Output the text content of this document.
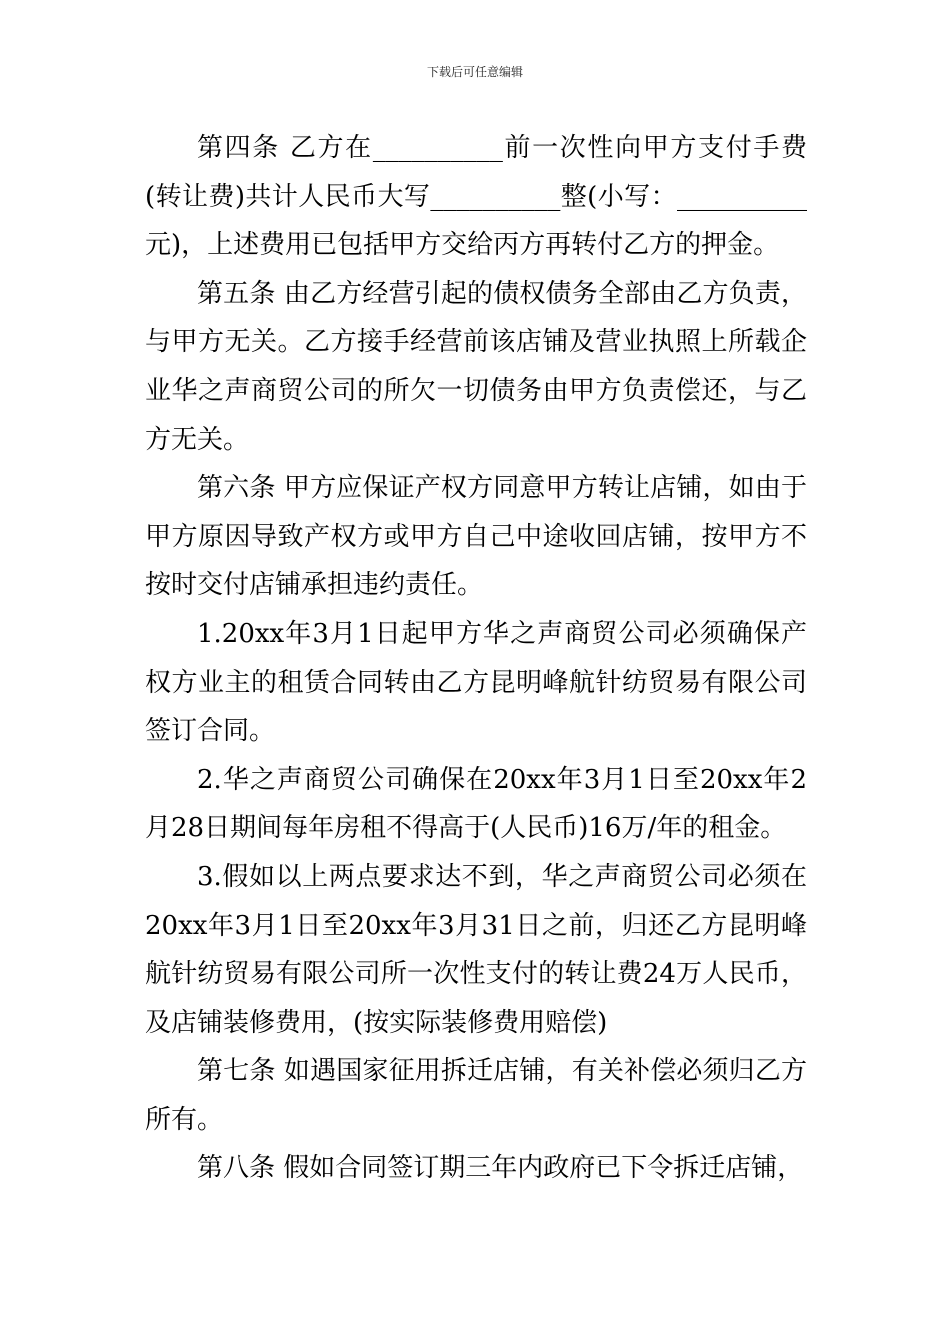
下载后可任意编辑

第四条 乙方在__________前一次性向甲方支付手费(转让费)共计人民币大写__________整(小写：__________元)，上述费用已包括甲方交给丙方再转付乙方的押金。

第五条 由乙方经营引起的债权债务全部由乙方负责，与甲方无关。乙方接手经营前该店铺及营业执照上所载企业华之声商贸公司的所欠一切债务由甲方负责偿还，与乙方无关。

第六条 甲方应保证产权方同意甲方转让店铺，如由于甲方原因导致产权方或甲方自己中途收回店铺，按甲方不按时交付店铺承担违约责任。

1.20xx年3月1日起甲方华之声商贸公司必须确保产权方业主的租赁合同转由乙方昆明峰航针纺贸易有限公司签订合同。

2.华之声商贸公司确保在20xx年3月1日至20xx年2月28日期间每年房租不得高于(人民币)16万/年的租金。

3.假如以上两点要求达不到，华之声商贸公司必须在20xx年3月1日至20xx年3月31日之前，归还乙方昆明峰航针纺贸易有限公司所一次性支付的转让费24万人民币，及店铺装修费用，(按实际装修费用赔偿)

第七条 如遇国家征用拆迁店铺，有关补偿必须归乙方所有。

第八条 假如合同签订期三年内政府已下令拆迁店铺，
